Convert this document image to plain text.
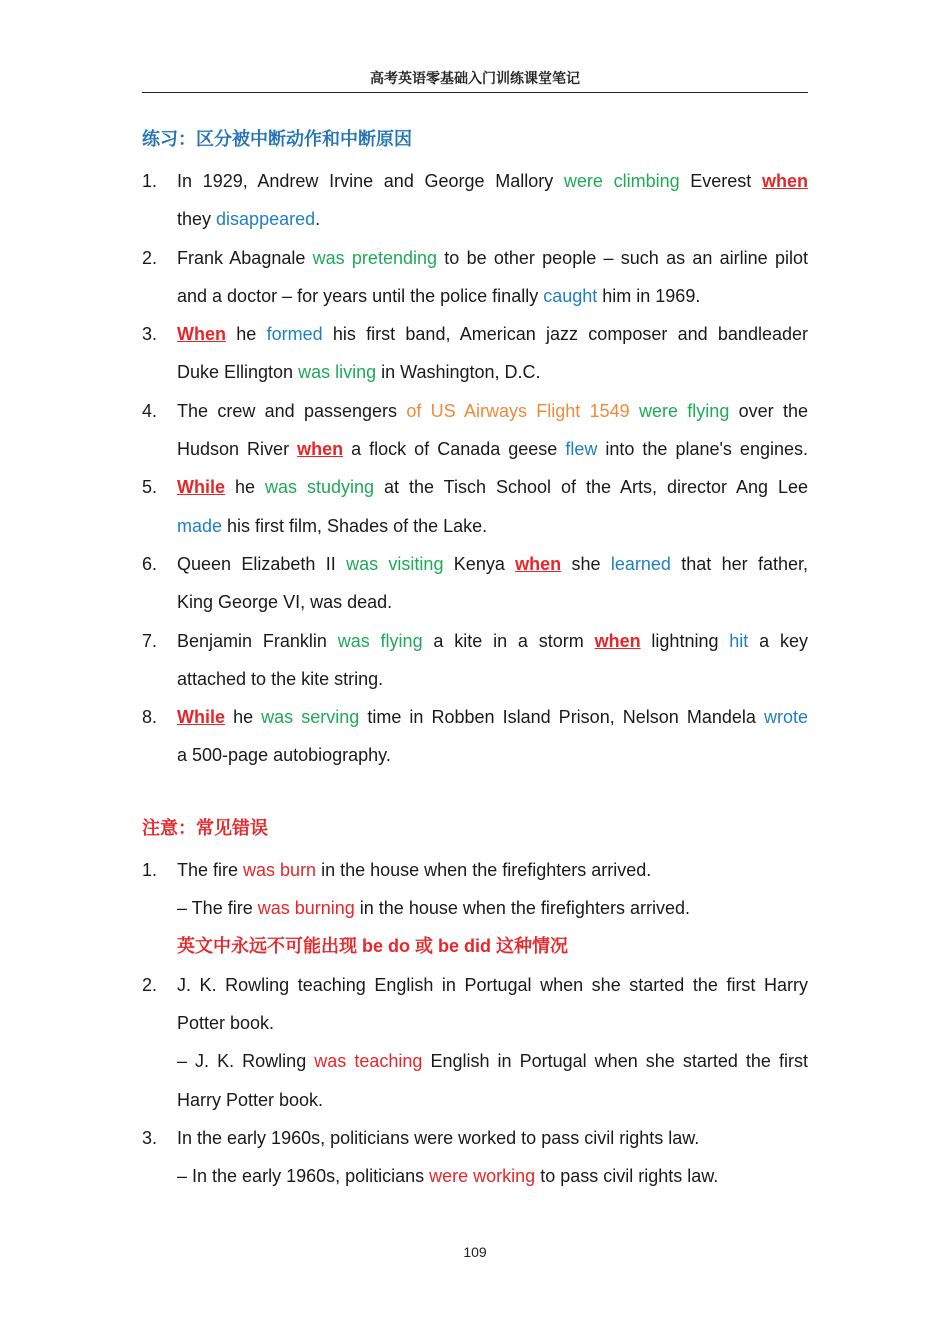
高考英语零基础入门训练课堂笔记
练习：区分被中断动作和中断原因
1.	In 1929, Andrew Irvine and George Mallory were climbing Everest when
they disappeared.
2.	Frank Abagnale was pretending to be other people – such as an airline pilot
and a doctor – for years until the police finally caught him in 1969.
3.	When he formed his first band, American jazz composer and bandleader
Duke Ellington was living in Washington, D.C.
4.	The crew and passengers of US Airways Flight 1549 were flying over the
Hudson River when a flock of Canada geese flew into the plane's engines.
5.	While he was studying at the Tisch School of the Arts, director Ang Lee
made his first film, Shades of the Lake.
6.	Queen Elizabeth II was visiting Kenya when she learned that her father,
King George VI, was dead.
7.	Benjamin Franklin was flying a kite in a storm when lightning hit a key
attached to the kite string.
8.	While he was serving time in Robben Island Prison, Nelson Mandela wrote
a 500-page autobiography.
注意：常见错误
1.	The fire was burn in the house when the firefighters arrived.
– The fire was burning in the house when the firefighters arrived.
英文中永远不可能出现 be do 或 be did 这种情况
2.	J. K. Rowling teaching English in Portugal when she started the first Harry
Potter book.
– J. K. Rowling was teaching English in Portugal when she started the first
Harry Potter book.
3.	In the early 1960s, politicians were worked to pass civil rights law.
– In the early 1960s, politicians were working to pass civil rights law.
109
